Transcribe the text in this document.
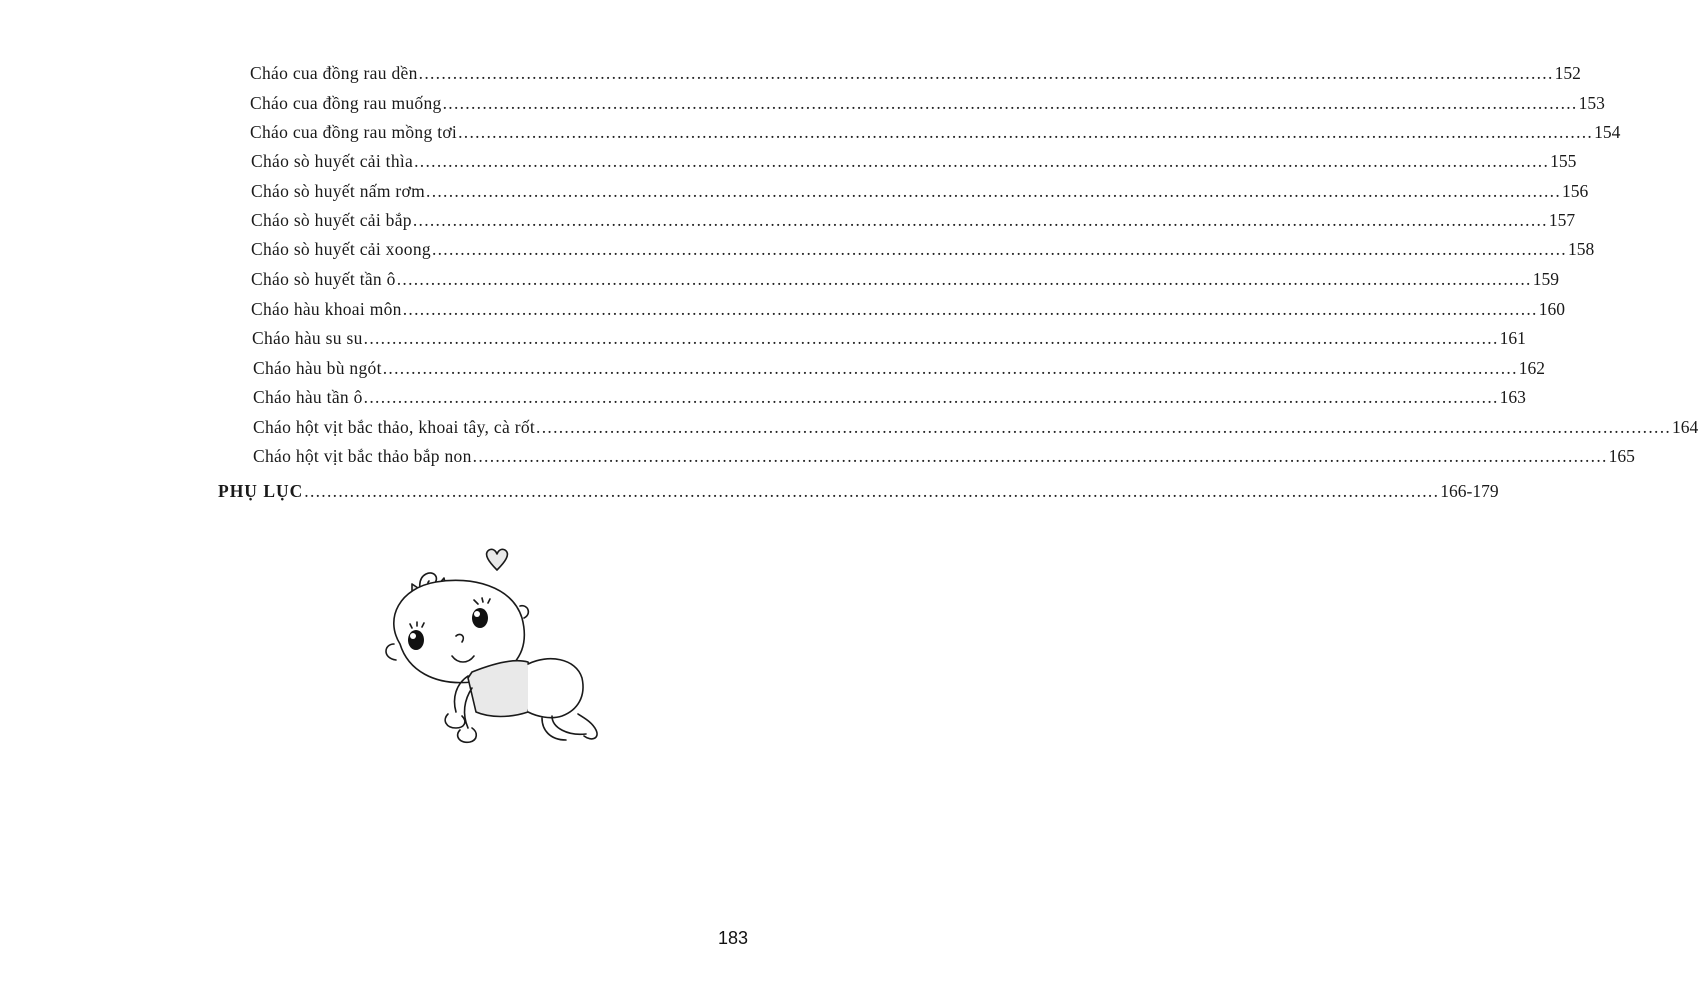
Cháo cua đồng rau dền ........................................................................................................................................................................................................ 152
Cháo cua đồng rau muống ........................................................................................................................................................................................................ 153
Cháo cua đồng rau mồng tơi ........................................................................................................................................................................................................ 154
Cháo sò huyết cải thìa ........................................................................................................................................................................................................ 155
Cháo sò huyết nấm rơm ........................................................................................................................................................................................................ 156
Cháo sò huyết cải bắp ........................................................................................................................................................................................................ 157
Cháo sò huyết cải xoong ........................................................................................................................................................................................................ 158
Cháo sò huyết tần ô ........................................................................................................................................................................................................ 159
Cháo hàu khoai môn ........................................................................................................................................................................................................ 160
Cháo hàu su su ........................................................................................................................................................................................................ 161
Cháo hàu bù ngót ........................................................................................................................................................................................................ 162
Cháo hàu tần ô ........................................................................................................................................................................................................ 163
Cháo hột vịt bắc thảo, khoai tây, cà rốt ........................................................................................................................................................................................................ 164
Cháo hột vịt bắc thảo bắp non ........................................................................................................................................................................................................ 165
PHỤ LỤC ........................................................................................................................................................................................................ 166-179
183
